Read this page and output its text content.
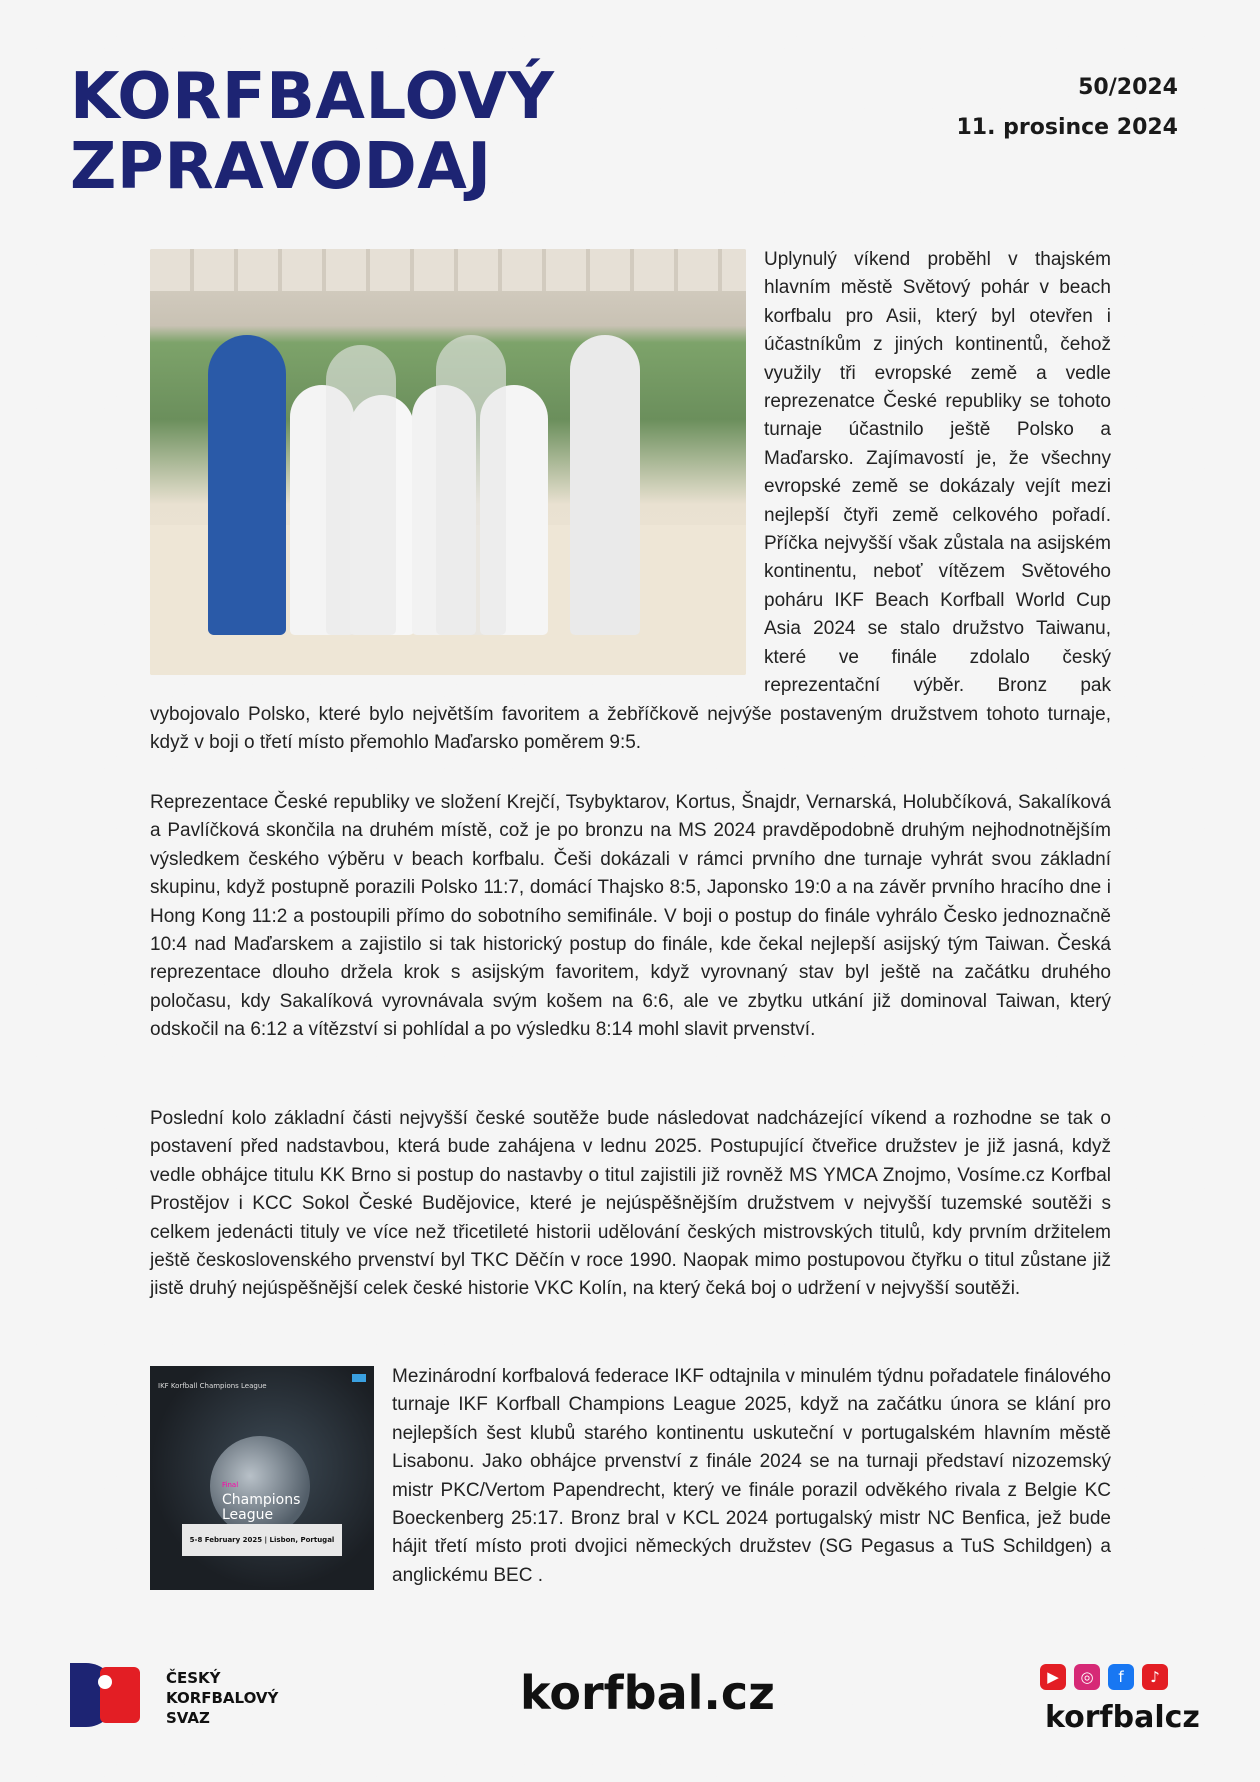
KORFBALOVÝ
ZPRAVODAJ
50/2024
11. prosince 2024

Uplynulý víkend proběhl v thajském hlavním městě Světový pohár v beach korfbalu pro Asii, který byl otevřen i účastníkům z jiných kontinentů, čehož využily tři evropské země a vedle reprezenatce České republiky se tohoto turnaje účastnilo ještě Polsko a Maďarsko. Zajímavostí je, že všechny evropské země se dokázaly vejít mezi nejlepší čtyři země celkového pořadí. Příčka nejvyšší však zůstala na asijském kontinentu, neboť vítězem Světového poháru IKF Beach Korfball World Cup Asia 2024 se stalo družstvo Taiwanu, které ve finále zdolalo český reprezentační výběr. Bronz pak vybojovalo Polsko, které bylo největším favoritem a žebříčkově nejvýše postaveným družstvem tohoto turnaje, když v boji o třetí místo přemohlo Maďarsko poměrem 9:5.

Reprezentace České republiky ve složení Krejčí, Tsybyktarov, Kortus, Šnajdr, Vernarská, Holubčíková, Sakalíková a Pavlíčková skončila na druhém místě, což je po bronzu na MS 2024 pravděpodobně druhým nejhodnotnějším výsledkem českého výběru v beach korfbalu. Češi dokázali v rámci prvního dne turnaje vyhrát svou základní skupinu, když postupně porazili Polsko 11:7, domácí Thajsko 8:5, Japonsko 19:0 a na závěr prvního hracího dne i Hong Kong 11:2 a postoupili přímo do sobotního semifinále. V boji o postup do finále vyhrálo Česko jednoznačně 10:4 nad Maďarskem a zajistilo si tak historický postup do finále, kde čekal nejlepší asijský tým Taiwan. Česká reprezentace dlouho držela krok s asijským favoritem, když vyrovnaný stav byl ještě na začátku druhého poločasu, kdy Sakalíková vyrovnávala svým košem na 6:6, ale ve zbytku utkání již dominoval Taiwan, který odskočil na 6:12 a vítězství si pohlídal a po výsledku 8:14 mohl slavit prvenství.

Poslední kolo základní části nejvyšší české soutěže bude následovat nadcházející víkend a rozhodne se tak o postavení před nadstavbou, která bude zahájena v lednu 2025. Postupující čtveřice družstev je již jasná, když vedle obhájce titulu KK Brno si postup do nastavby o titul zajistili již rovněž MS YMCA Znojmo, Vosíme.cz Korfbal Prostějov i KCC Sokol České Budějovice, které je nejúspěšnějším družstvem v nejvyšší tuzemské soutěži s celkem jedenácti tituly ve více než třicetileté historii udělování českých mistrovských titulů, kdy prvním držitelem ještě československého prvenství byl TKC Děčín v roce 1990. Naopak mimo postupovou čtyřku o titul zůstane již jistě druhý nejúspěšnější celek české historie VKC Kolín, na který čeká boj o udržení v nejvyšší soutěži.

IKF Korfball Champions League
Final
Champions
League
5-8 February 2025 | Lisbon, Portugal

Mezinárodní korfbalová federace IKF odtajnila v minulém týdnu pořadatele finálového turnaje IKF Korfball Champions League 2025, když na začátku února se klání pro nejlepších šest klubů starého kontinentu uskuteční v portugalském hlavním městě Lisabonu. Jako obhájce prvenství z finále 2024 se na turnaji představí nizozemský mistr PKC/Vertom Papendrecht, který ve finále porazil odvěkého rivala z Belgie KC Boeckenberg 25:17. Bronz bral v KCL 2024 portugalský mistr NC Benfica, jež bude hájit třetí místo proti dvojici německých družstev (SG Pegasus a TuS Schildgen) a anglickému BEC .

ČESKÝ
KORFBALOVÝ
SVAZ	korfbal.cz	▶ ◎ f ♪
korfbalcz
